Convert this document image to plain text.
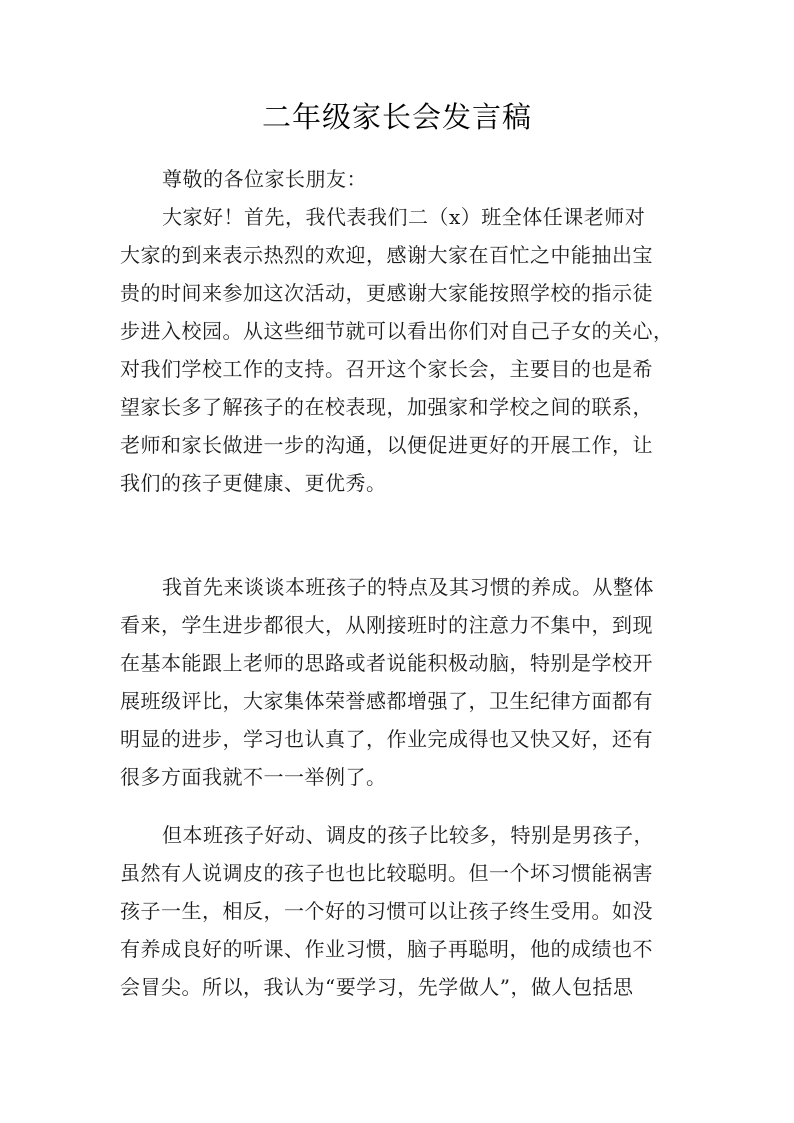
二年级家长会发言稿
尊敬的各位家长朋友：
大家好！首先，我代表我们二（x）班全体任课老师对
大家的到来表示热烈的欢迎，感谢大家在百忙之中能抽出宝
贵的时间来参加这次活动，更感谢大家能按照学校的指示徒
步进入校园。从这些细节就可以看出你们对自己子女的关心，
对我们学校工作的支持。召开这个家长会，主要目的也是希
望家长多了解孩子的在校表现，加强家和学校之间的联系，
老师和家长做进一步的沟通，以便促进更好的开展工作，让
我们的孩子更健康、更优秀。
我首先来谈谈本班孩子的特点及其习惯的养成。从整体
看来，学生进步都很大，从刚接班时的注意力不集中，到现
在基本能跟上老师的思路或者说能积极动脑，特别是学校开
展班级评比，大家集体荣誉感都增强了，卫生纪律方面都有
明显的进步，学习也认真了，作业完成得也又快又好，还有
很多方面我就不一一举例了。
但本班孩子好动、调皮的孩子比较多，特别是男孩子，
虽然有人说调皮的孩子也也比较聪明。但一个坏习惯能祸害
孩子一生，相反，一个好的习惯可以让孩子终生受用。如没
有养成良好的听课、作业习惯，脑子再聪明，他的成绩也不
会冒尖。所以，我认为“要学习，先学做人”，做人包括思
